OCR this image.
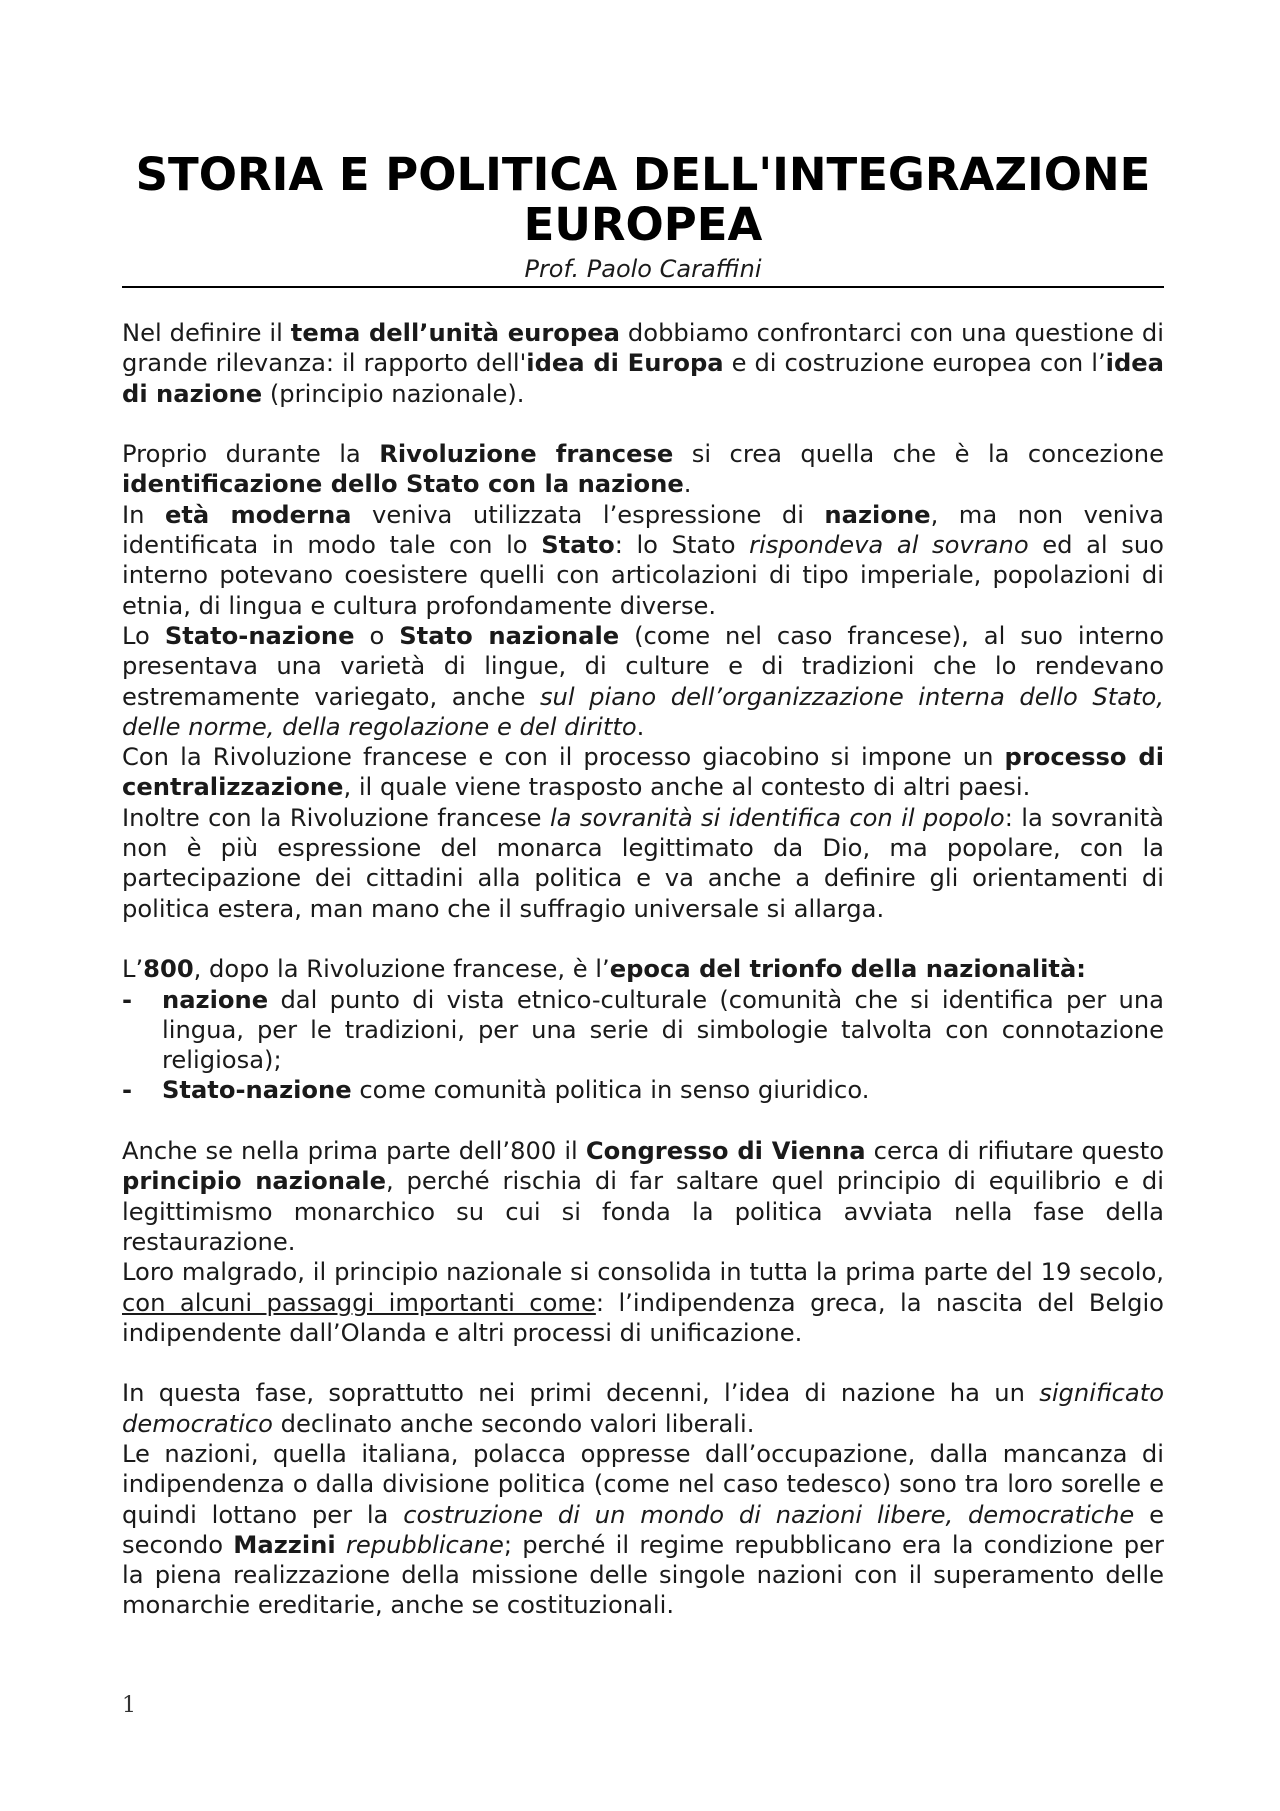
STORIA E POLITICA DELL'INTEGRAZIONE
EUROPEA
Prof. Paolo Caraffini

Nel definire il tema dell’unità europea dobbiamo confrontarci con una questione di grande rilevanza: il rapporto dell'idea di Europa e di costruzione europea con l’idea di nazione (principio nazionale).

Proprio durante la Rivoluzione francese si crea quella che è la concezione identificazione dello Stato con la nazione.

In età moderna veniva utilizzata l’espressione di nazione, ma non veniva identificata in modo tale con lo Stato: lo Stato rispondeva al sovrano ed al suo interno potevano coesistere quelli con articolazioni di tipo imperiale, popolazioni di etnia, di lingua e cultura profondamente diverse.

Lo Stato-nazione o Stato nazionale (come nel caso francese), al suo interno presentava una varietà di lingue, di culture e di tradizioni che lo rendevano estremamente variegato, anche sul piano dell’organizzazione interna dello Stato, delle norme, della regolazione e del diritto.

Con la Rivoluzione francese e con il processo giacobino si impone un processo di centralizzazione, il quale viene trasposto anche al contesto di altri paesi.

Inoltre con la Rivoluzione francese la sovranità si identifica con il popolo: la sovranità non è più espressione del monarca legittimato da Dio, ma popolare, con la partecipazione dei cittadini alla politica e va anche a definire gli orientamenti di politica estera, man mano che il suffragio universale si allarga.

L’800, dopo la Rivoluzione francese, è l’epoca del trionfo della nazionalità:

- nazione dal punto di vista etnico-culturale (comunità che si identifica per una lingua, per le tradizioni, per una serie di simbologie talvolta con connotazione religiosa);
- Stato-nazione come comunità politica in senso giuridico.

Anche se nella prima parte dell’800 il Congresso di Vienna cerca di rifiutare questo principio nazionale, perché rischia di far saltare quel principio di equilibrio e di legittimismo monarchico su cui si fonda la politica avviata nella fase della restaurazione.

Loro malgrado, il principio nazionale si consolida in tutta la prima parte del 19 secolo, con alcuni passaggi importanti come: l’indipendenza greca, la nascita del Belgio indipendente dall’Olanda e altri processi di unificazione.

In questa fase, soprattutto nei primi decenni, l’idea di nazione ha un significato democratico declinato anche secondo valori liberali.

Le nazioni, quella italiana, polacca oppresse dall’occupazione, dalla mancanza di indipendenza o dalla divisione politica (come nel caso tedesco) sono tra loro sorelle e quindi lottano per la costruzione di un mondo di nazioni libere, democratiche e secondo Mazzini repubblicane; perché il regime repubblicano era la condizione per la piena realizzazione della missione delle singole nazioni con il superamento delle monarchie ereditarie, anche se costituzionali.

1
